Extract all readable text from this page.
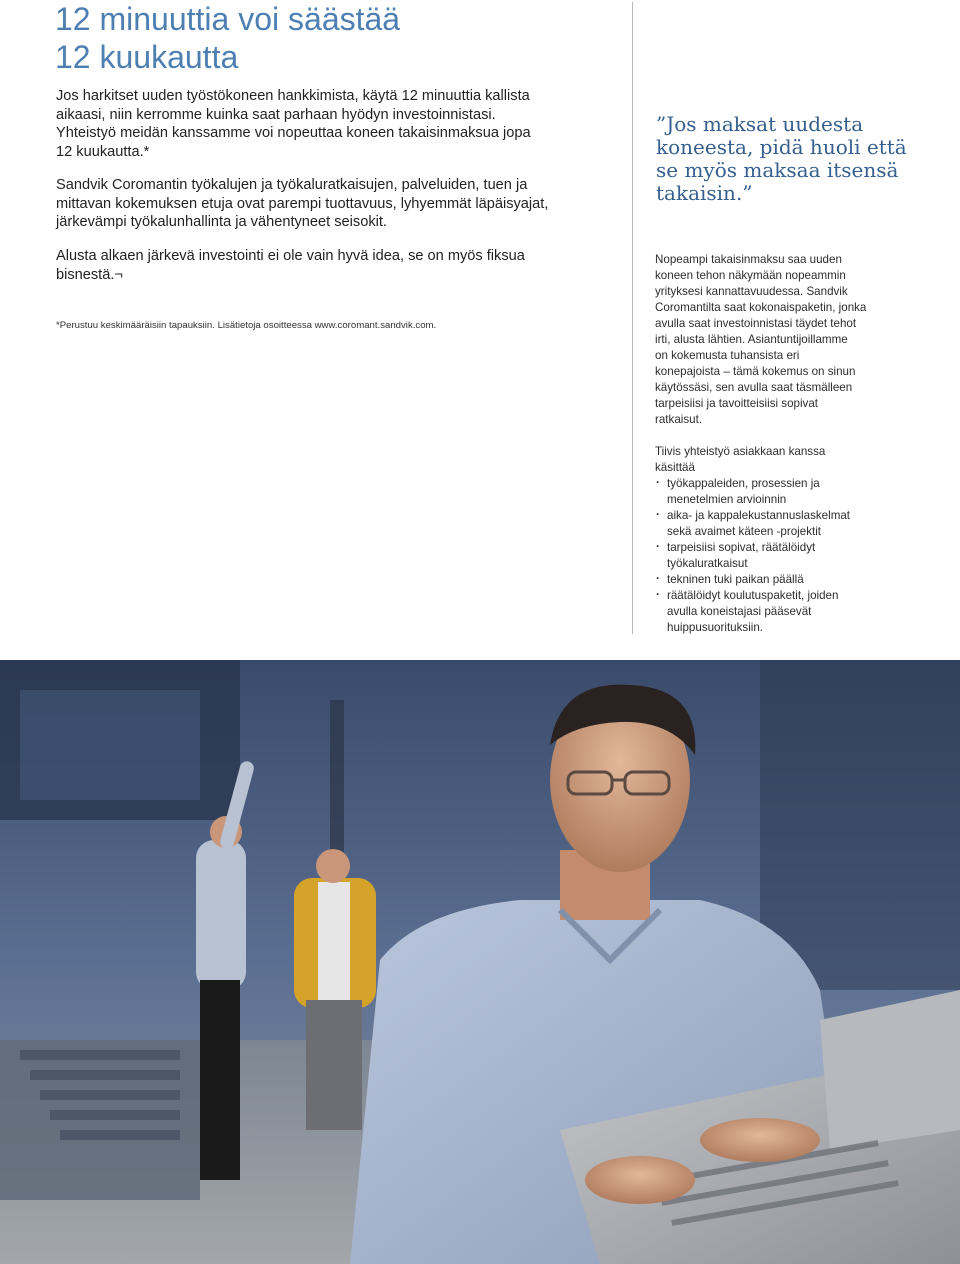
12 minuuttia voi säästää
12 kuukautta
Jos harkitset uuden työstökoneen hankkimista, käytä 12 minuuttia kallista
aikaasi, niin kerromme kuinka saat parhaan hyödyn investoinnistasi.
Yhteistyö meidän kanssamme voi nopeuttaa koneen takaisinmaksua jopa
12 kuukautta.*
Sandvik Coromantin työkalujen ja työkaluratkaisujen, palveluiden, tuen ja
mittavan kokemuksen etuja ovat parempi tuottavuus, lyhyemmät läpäisyajat,
järkevämpi työkalunhallinta ja vähentyneet seisokit.
Alusta alkaen järkevä investointi ei ole vain hyvä idea, se on myös fiksua
bisnestä.¬
*Perustuu keskimääräisiin tapauksiin. Lisätietoja osoitteessa www.coromant.sandvik.com.
”Jos maksat uudesta
koneesta, pidä huoli että
se myös maksaa itsensä
takaisin.”
Nopeampi takaisinmaksu saa uuden
koneen tehon näkymään nopeammin
yrityksesi kannattavuudessa. Sandvik
Coromantilta saat kokonaispaketin, jonka
avulla saat investoinnistasi täydet tehot
irti, alusta lähtien. Asiantuntijoillamme
on kokemusta tuhansista eri
konepajoista – tämä kokemus on sinun
käytössäsi, sen avulla saat täsmälleen
tarpeisiisi ja tavoitteisiisi sopivat
ratkaisut.
Tiivis yhteistyö asiakkaan kanssa
käsittää
· työkappaleiden, prosessien ja
menetelmien arvioinnin
· aika- ja kappalekustannuslaskelmat
sekä avaimet käteen -projektit
· tarpeisiisi sopivat, räätälöidyt
työkaluratkaisut
· tekninen tuki paikan päällä
· räätälöidyt koulutuspaketit, joiden
avulla koneistajasi pääsevät
huippusuorituksiin.
